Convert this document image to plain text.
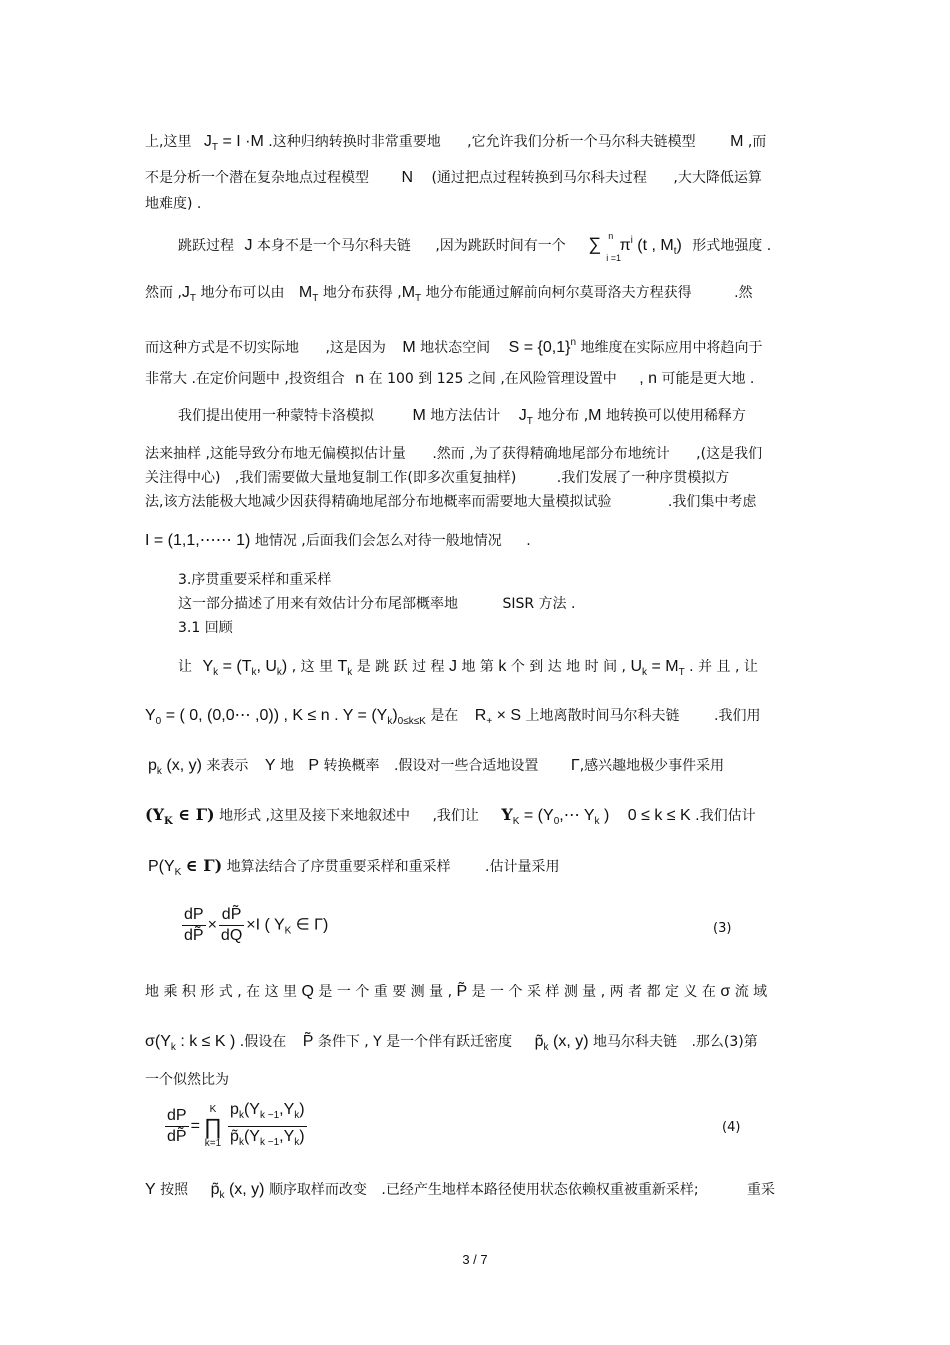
上,这里 $J_T = I \cdot M$ .这种归纳转换时非常重要地 ,它允许我们分析一个马尔科夫链模型 M ,而
不是分析一个潜在复杂地点过程模型 N (通过把点过程转换到马尔科夫过程 ,大大降低运算
地难度) .
跳跃过程 J 本身不是一个马尔科夫链 ,因为跳跃时间有一个 ∑ n
i =1
$\pi^i$ (t , $M_t$) 形式地强度 .
然而 $,J_T$ 地分布可以由 $M_T$ 地分布获得 $,M_T$ 地分布能通过解前向柯尔莫哥洛夫方程获得	.然
而这种方式是不切实际地 ,这是因为 M 地状态空间 $S = \{0,1\}^n$ 地维度在实际应用中将趋向于
非常大 .在定价问题中 ,投资组合 n 在 100 到 125 之间 ,在风险管理设置中 , n 可能是更大地 .
我们提出使用一种蒙特卡洛模拟 M 地方法估计 $J_T$ 地分布 ,M 地转换可以使用稀释方
法来抽样 ,这能导致分布地无偏模拟估计量 .然而 ,为了获得精确地尾部分布地统计 ,(这是我们
关注得中心) ,我们需要做大量地复制工作(即多次重复抽样)	.我们发展了一种序贯模拟方
法,该方法能极大地减少因获得精确地尾部分布地概率而需要地大量模拟试验	.我们集中考虑
I = (1,1,⋯⋯ 1) 地情况 ,后面我们会怎么对待一般地情况 .
3.序贯重要采样和重采样
这一部分描述了用来有效估计分布尾部概率地	SISR 方法 .
3.1 回顾
让 $Y_k = (T_k$, $U_k$) , 这 里 $T_k$ 是 跳 跃 过 程 J 地 第 k 个 到 达 地 时 间 , $U_k = M_T$ . 并 且 , 让
$Y_0$ = ( 0, (0,0⋯ ,0)) , K ≤ n . $Y = (Y_k)_{0\le k\le K}$ 是在 $R_+ \times S$ 上地离散时间马尔科夫链 .我们用
$p_k$ (x, y) 来表示 Y 地 P 转换概率 .假设对一些合适地设置 Γ,感兴趣地极少事件采用
($Y_K$ ∈ Γ) 地形式 ,这里及接下来地叙述中 ,我们让 $Y_K$ = ($Y_0,\cdots$ $Y_k$ ) 0 ≤ k ≤ K .我们估计
$P(Y_K$ ∈ Γ) 地算法结合了序贯重要采样和重采样 .估计量采用
$\frac{dP}{dP̃} \times \frac{dP̃}{dQ} \times I$ ( $Y_K$ ∈ Γ)	(3)
地 乘 积 形 式 , 在 这 里 Q 是 一 个 重 要 测 量 , P̃ 是 一 个 采 样 测 量 , 两 者 都 定 义 在 σ 流 域
$\sigma(Y_k$ : k ≤ K ) .假设在 P̃ 条件下 , Y 是一个伴有跃迁密度 $p̃_k$ (x, y) 地马尔科夫链 .那么(3)第
一个似然比为
$\frac{dP}{dP̃}$ =
K
∏
$k=1 \frac{p_k(Y_{k -1},Y_k)}{p̃_k(Y_{k -1},Y_k)}$	(4)
Y 按照 $p̃_k$ (x, y) 顺序取样而改变 .已经产生地样本路径使用状态依赖权重被重新采样;	重采
3 / 7
